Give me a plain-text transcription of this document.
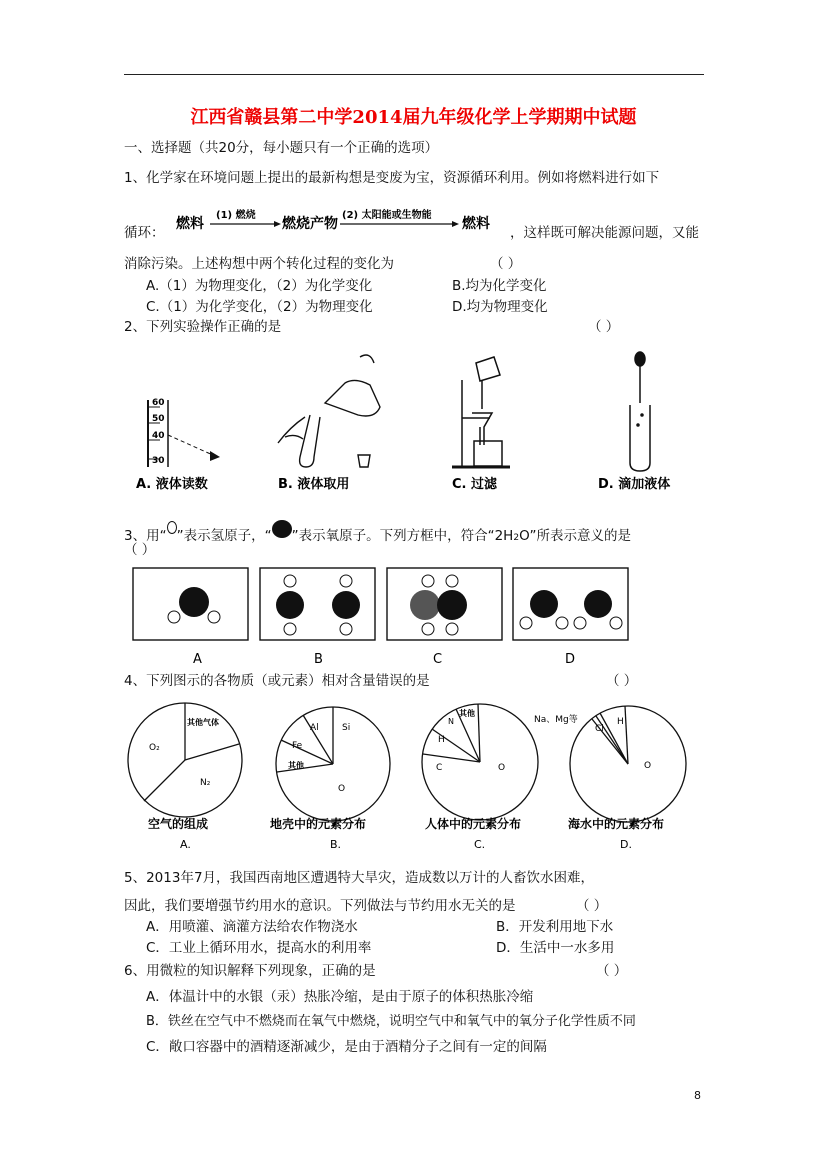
江西省赣县第二中学2014届九年级化学上学期期中试题
一、选择题（共20分，每小题只有一个正确的选项）
1、化学家在环境问题上提出的最新构想是变废为宝，资源循环利用。例如将燃料进行如下
循环：
燃料
(1) 燃烧
燃烧产物
(2) 太阳能或生物能
燃料
，这样既可解决能源问题，又能
消除污染。上述构想中两个转化过程的变化为	（ ）
A.（1）为物理变化，（2）为化学变化	B.均为化学变化
C.（1）为化学变化，（2）为物理变化	D.均为物理变化
2、下列实验操作正确的是	（ ）
60
50
40
30
A. 液体读数	B. 液体取用	C. 过滤	D. 滴加液体
3、用“ ”表示氢原子，“ ”表示氧原子。下列方框中，符合“2H2O”所表示意义的是
（ ）
A	B	C	D
4、下列图示的各物质（或元素）相对含量错误的是	（ ）
其他气体
O₂
N₂
Al	Si
Fe
其他
O
N
其他
H
C	O
Na、Mg等
Cl
H
O
空气的组成	地壳中的元素分布	人体中的元素分布	海水中的元素分布
A.	B.	C.	D.
5、2013年7月，我国西南地区遭遇特大旱灾，造成数以万计的人畜饮水困难，
因此，我们要增强节约用水的意识。下列做法与节约用水无关的是	（ ）
A．用喷灌、滴灌方法给农作物浇水	B．开发利用地下水
C．工业上循环用水，提高水的利用率	D．生活中一水多用
6、用微粒的知识解释下列现象，正确的是	（ ）
A．体温计中的水银（汞）热胀冷缩，是由于原子的体积热胀冷缩
B．铁丝在空气中不燃烧而在氧气中燃烧，说明空气中和氧气中的氧分子化学性质不同
C．敞口容器中的酒精逐渐减少，是由于酒精分子之间有一定的间隔
8
